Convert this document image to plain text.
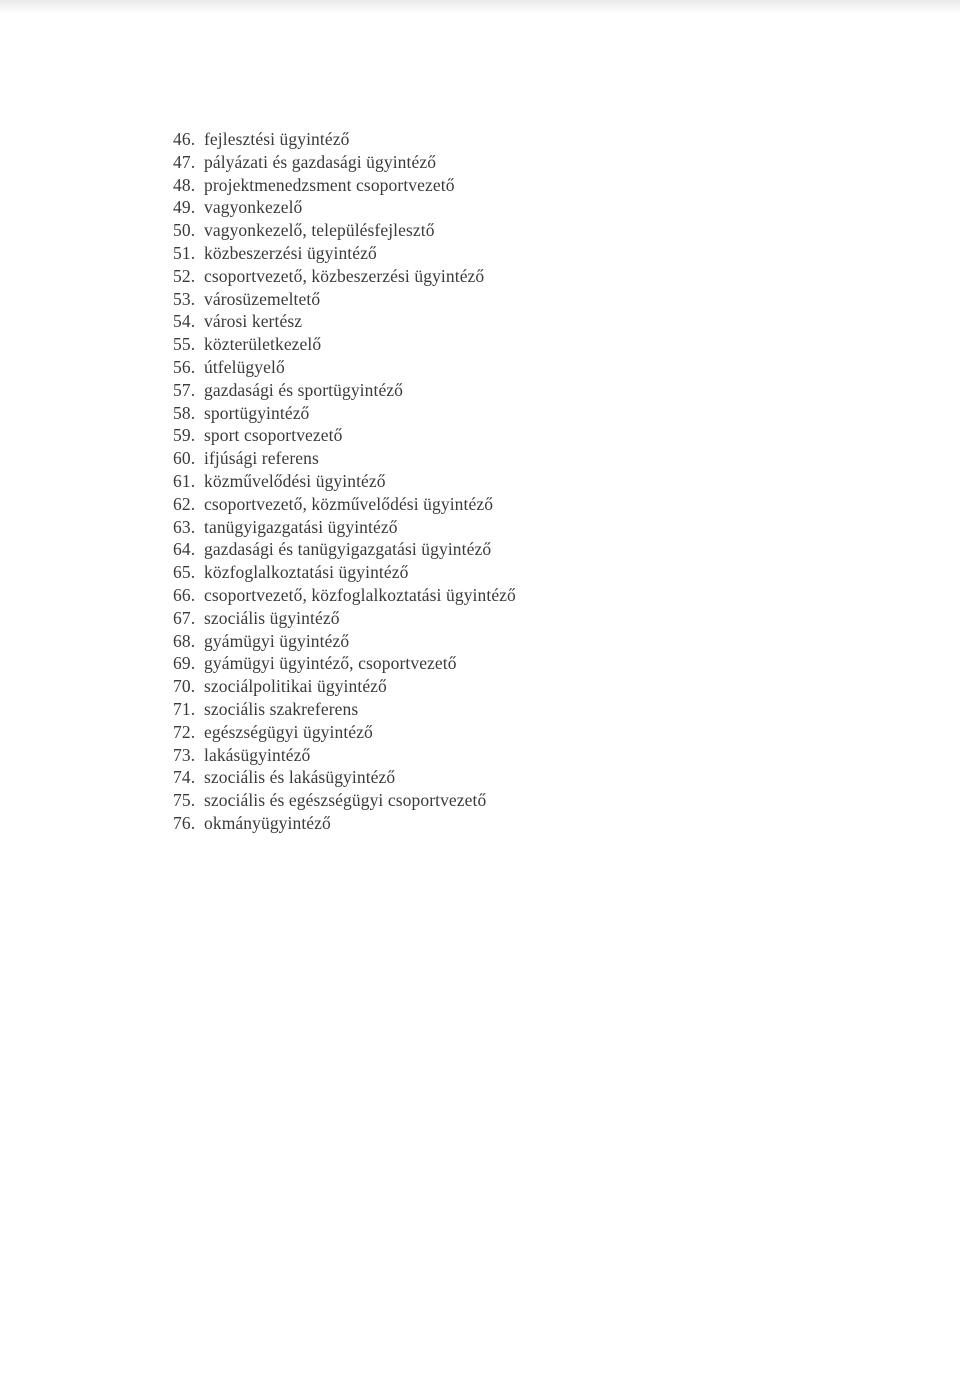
46. fejlesztési ügyintéző
47. pályázati és gazdasági ügyintéző
48. projektmenedzsment csoportvezető
49. vagyonkezelő
50. vagyonkezelő, településfejlesztő
51. közbeszerzési ügyintéző
52. csoportvezető, közbeszerzési ügyintéző
53. városüzemeltető
54. városi kertész
55. közterületkezelő
56. útfelügyelő
57. gazdasági és sportügyintéző
58. sportügyintéző
59. sport csoportvezető
60. ifjúsági referens
61. közművelődési ügyintéző
62. csoportvezető, közművelődési ügyintéző
63. tanügyigazgatási ügyintéző
64. gazdasági és tanügyigazgatási ügyintéző
65. közfoglalkoztatási ügyintéző
66. csoportvezető, közfoglalkoztatási ügyintéző
67. szociális ügyintéző
68. gyámügyi ügyintéző
69. gyámügyi ügyintéző, csoportvezető
70. szociálpolitikai ügyintéző
71. szociális szakreferens
72. egészségügyi ügyintéző
73. lakásügyintéző
74. szociális és lakásügyintéző
75. szociális és egészségügyi csoportvezető
76. okmányügyintéző
